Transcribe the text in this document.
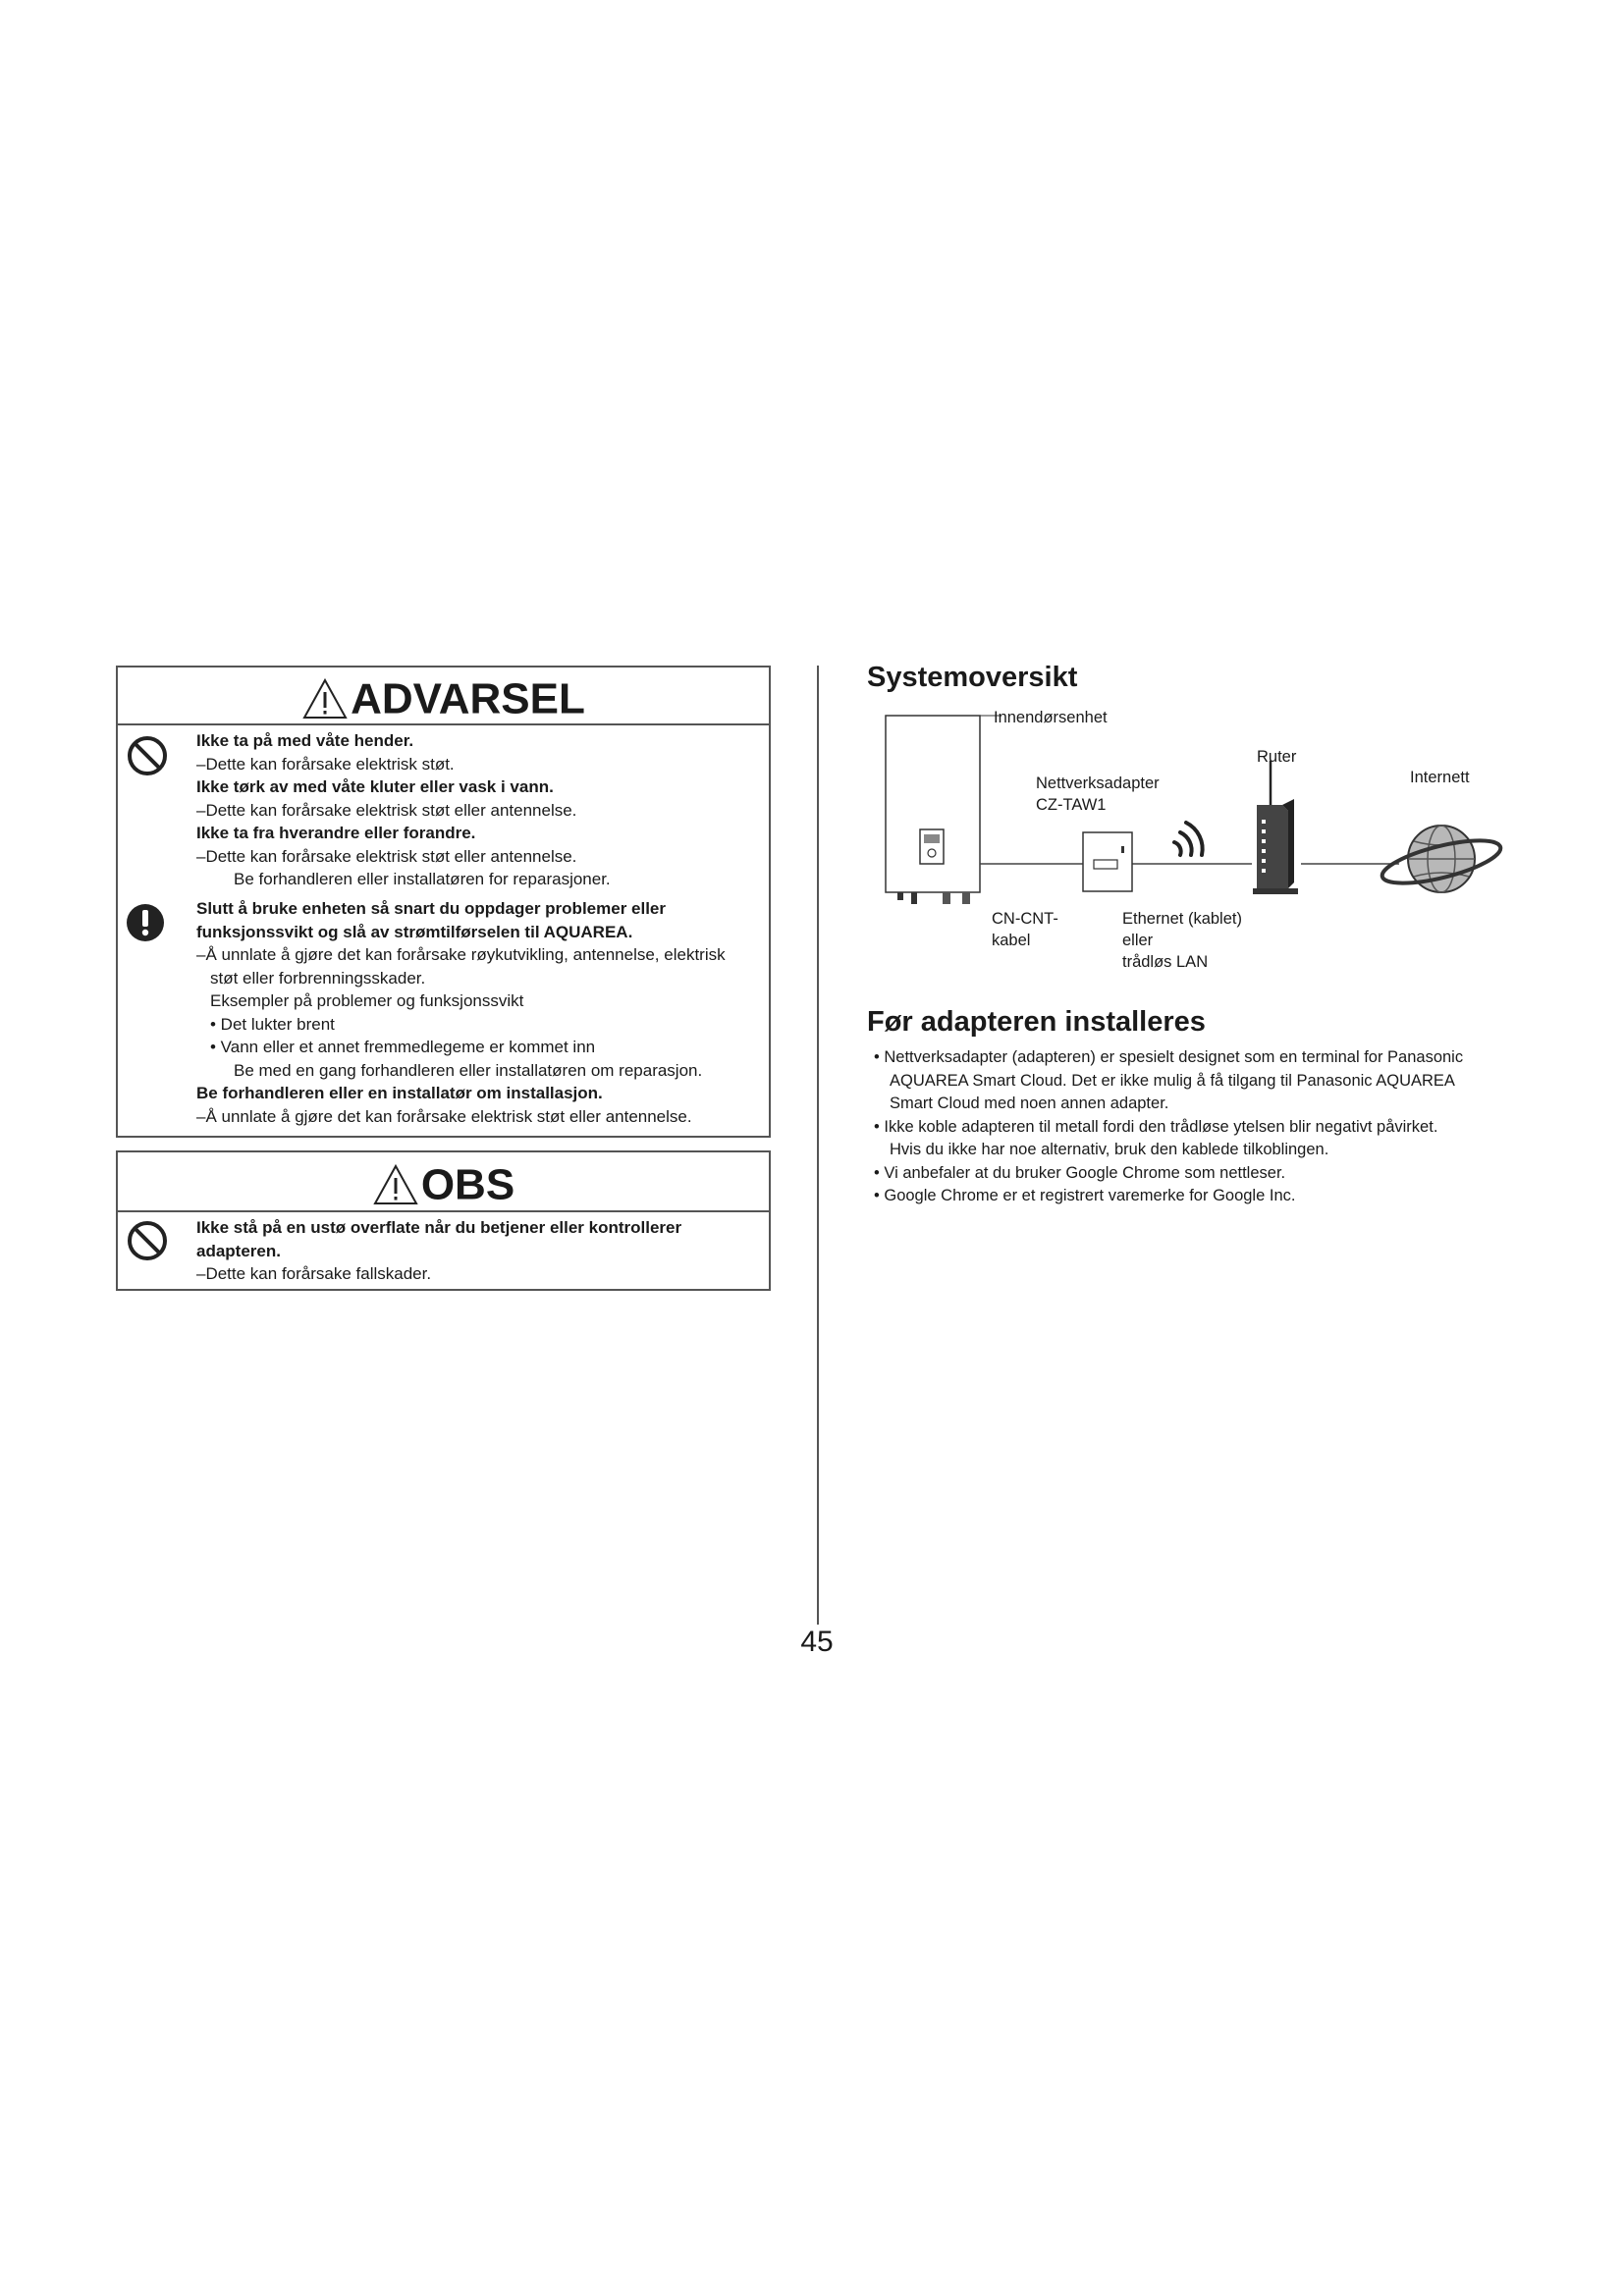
ADVARSEL
Ikke ta på med våte hender.
–Dette kan forårsake elektrisk støt.
Ikke tørk av med våte kluter eller vask i vann.
–Dette kan forårsake elektrisk støt eller antennelse.
Ikke ta fra hverandre eller forandre.
–Dette kan forårsake elektrisk støt eller antennelse.
Be forhandleren eller installatøren for reparasjoner.
Slutt å bruke enheten så snart du oppdager problemer eller
funksjonssvikt og slå av strømtilførselen til AQUAREA.
–Å unnlate å gjøre det kan forårsake røykutvikling, antennelse, elektrisk
støt eller forbrenningsskader.
Eksempler på problemer og funksjonssvikt
• Det lukter brent
• Vann eller et annet fremmedlegeme er kommet inn
Be med en gang forhandleren eller installatøren om reparasjon.
Be forhandleren eller en installatør om installasjon.
–Å unnlate å gjøre det kan forårsake elektrisk støt eller antennelse.
OBS
Ikke stå på en ustø overflate når du betjener eller kontrollerer
adapteren.
–Dette kan forårsake fallskader.
Systemoversikt
Innendørsenhet
Nettverksadapter
CZ-TAW1
Ruter
Internett
CN-CNT-
kabel
Ethernet (kablet)
eller
trådløs LAN
Før adapteren installeres
• Nettverksadapter (adapteren) er spesielt designet som en terminal for Panasonic
AQUAREA Smart Cloud. Det er ikke mulig å få tilgang til Panasonic AQUAREA
Smart Cloud med noen annen adapter.
• Ikke koble adapteren til metall fordi den trådløse ytelsen blir negativt påvirket.
Hvis du ikke har noe alternativ, bruk den kablede tilkoblingen.
• Vi anbefaler at du bruker Google Chrome som nettleser.
• Google Chrome er et registrert varemerke for Google Inc.
45
